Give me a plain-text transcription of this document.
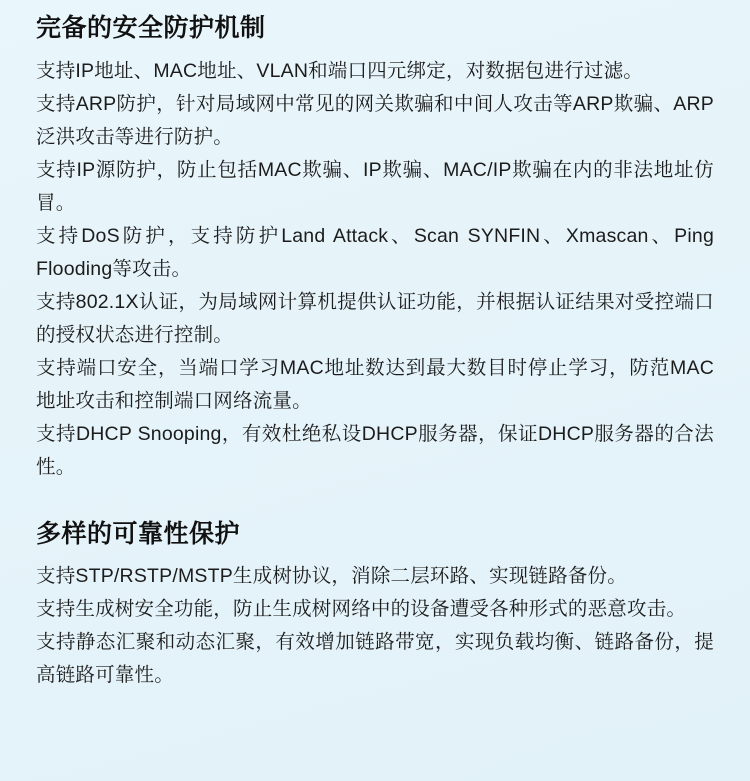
完备的安全防护机制

支持IP地址、MAC地址、VLAN和端口四元绑定，对数据包进行过滤。

支持ARP防护，针对局域网中常见的网关欺骗和中间人攻击等ARP欺骗、ARP泛洪攻击等进行防护。

支持IP源防护，防止包括MAC欺骗、IP欺骗、MAC/IP欺骗在内的非法地址仿冒。

支持DoS防护，支持防护Land Attack、Scan SYNFIN、Xmascan、Ping Flooding等攻击。

支持802.1X认证，为局域网计算机提供认证功能，并根据认证结果对受控端口的授权状态进行控制。

支持端口安全，当端口学习MAC地址数达到最大数目时停止学习，防范MAC地址攻击和控制端口网络流量。

支持DHCP Snooping，有效杜绝私设DHCP服务器，保证DHCP服务器的合法性。

多样的可靠性保护

支持STP/RSTP/MSTP生成树协议，消除二层环路、实现链路备份。

支持生成树安全功能，防止生成树网络中的设备遭受各种形式的恶意攻击。

支持静态汇聚和动态汇聚，有效增加链路带宽，实现负载均衡、链路备份，提高链路可靠性。
